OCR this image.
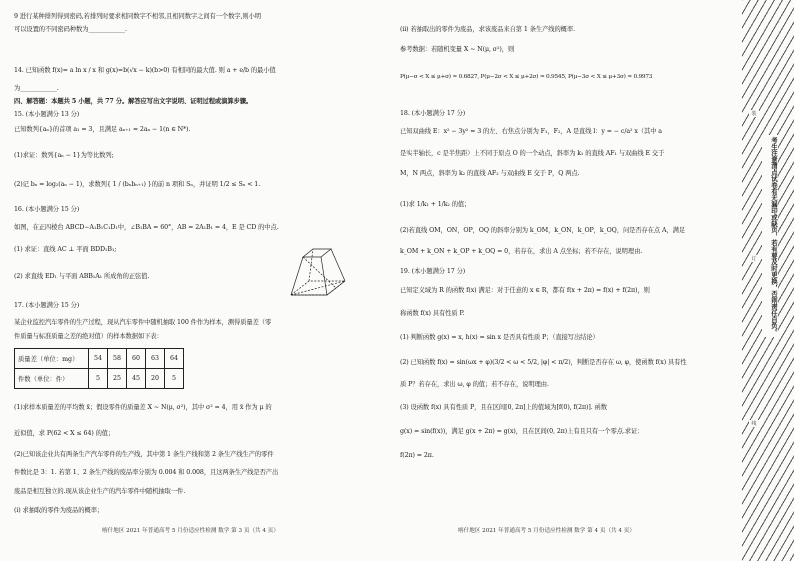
9 进行某种排列得到密码,若排列时要求相同数字不相邻,且相同数字之间有一个数字,则小明
可以设置的不同密码种数为____________.
14. 已知函数 f(x)= a ln x / x 和 g(x)=b(√x − k)(b>0) 有相同的最大值. 则 a + e/b 的最小值
为____________.
四、解答题：本题共 5 小题，共 77 分。解答应写出文字说明、证明过程或演算步骤。
15. (本小题满分 13 分)
已知数列{aₙ}的首项 a₁ = 3，且满足 aₙ₊₁ = 2aₙ − 1(n ∈ N*).
(1)求证：数列{aₙ − 1}为等比数列;
(2)记 bₙ = log₂(aₙ − 1)，求数列{ 1 / (bₙbₙ₊₁) }的前 n 项和 Sₙ，并证明 1/2 ≤ Sₙ < 1.
16. (本小题满分 15 分)
如图，在正四棱台 ABCD−A₁B₁C₁D₁中，∠B₁BA = 60°，AB = 2A₁B₁ = 4，E 是 CD 的中点.
(1) 求证：直线 AC ⊥ 平面 BDD₁B₁;
(2) 求直线 ED₁ 与平面 ABB₁A₁ 所成角的正弦值.
17. (本小题满分 15 分)
某企业监控汽车零件的生产过程，现从汽车零件中随机抽取 100 件作为样本，测得质量差（零
件质量与标准质量之差的绝对值）的样本数据如下表：
质量差（单位：mg）	54	58	60	63	64
件数（单位：件）	5	25	45	20	5
(1)求样本质量差的平均数 x̄；假设零件的质量差 X ~ N(μ, σ²)，其中 σ² = 4，用 x̄ 作为 μ 的
近似值，求 P(62 < X ≤ 64) 的值；
(2)已知该企业共有两条生产汽车零件的生产线，其中第 1 条生产线和第 2 条生产线生产的零件
件数比是 3：1. 若第 1、2 条生产线的废品率分别为 0.004 和 0.008，且这两条生产线是否产出
废品是相互独立的.现从该企业生产的汽车零件中随机抽取一件.
(i) 求抽取的零件为废品的概率；
喀什地区 2021 年普通高考 5 月份适应性检测 数学 第 3 页（共 4 页）
(ii) 若抽取出的零件为废品，求该废品来自第 1 条生产线的概率.
参考数据：若随机变量 X ~ N(μ, σ²)，则
P(μ−σ < X ≤ μ+σ) ≈ 0.6827, P(μ−2σ < X ≤ μ+2σ) ≈ 0.9545, P(μ−3σ < X ≤ μ+3σ) ≈ 0.9973
18. (本小题满分 17 分)
已知双曲线 E：x² − 3y² = 3 的左、右焦点分别为 F₁，F₂，A 是直线 l：y = − c/a² x（其中 a
是实半轴长，c 是半焦距）上不同于原点 O 的一个动点，斜率为 k₁ 的直线 AF₁ 与双曲线 E 交于
M，N 两点，斜率为 k₂ 的直线 AF₂ 与双曲线 E 交于 P，Q 两点.
(1)求 1/k₁ + 1/k₂ 的值；
(2)若直线 OM，ON，OP，OQ 的斜率分别为 k_OM，k_ON，k_OP，k_OQ，问是否存在点 A，满足
k_OM + k_ON + k_OP + k_OQ = 0，若存在，求出 A 点坐标；若不存在，说明理由.
19. (本小题满分 17 分)
已知定义域为 R 的函数 f(x) 满足：对于任意的 x ∈ R，都有 f(x + 2π) = f(x) + f(2π)，则
称函数 f(x) 具有性质 P.
(1) 判断函数 g(x) = x, h(x) = sin x 是否具有性质 P；（直接写出结论）
(2) 已知函数 f(x) = sin(ωx + φ)(3/2 < ω < 5/2, |φ| < π/2)，判断是否存在 ω, φ，使函数 f(x) 具有性
质 P？若存在，求出 ω, φ 的值；若不存在，说明理由.
(3) 设函数 f(x) 具有性质 P，且在区间[0, 2π]上的值域为[f(0), f(2π)]. 函数
g(x) = sin(f(x))，满足 g(x + 2π) = g(x)，且在区间(0, 2π)上有且只有一个零点.求证：
f(2π) = 2π.
喀什地区 2021 年普通高考 5 月份适应性检测 数学 第 4 页（共 4 页）
装
订
线
考生注意清点试卷有无漏印或缺页，若有要及时更换，否则责任自负。
